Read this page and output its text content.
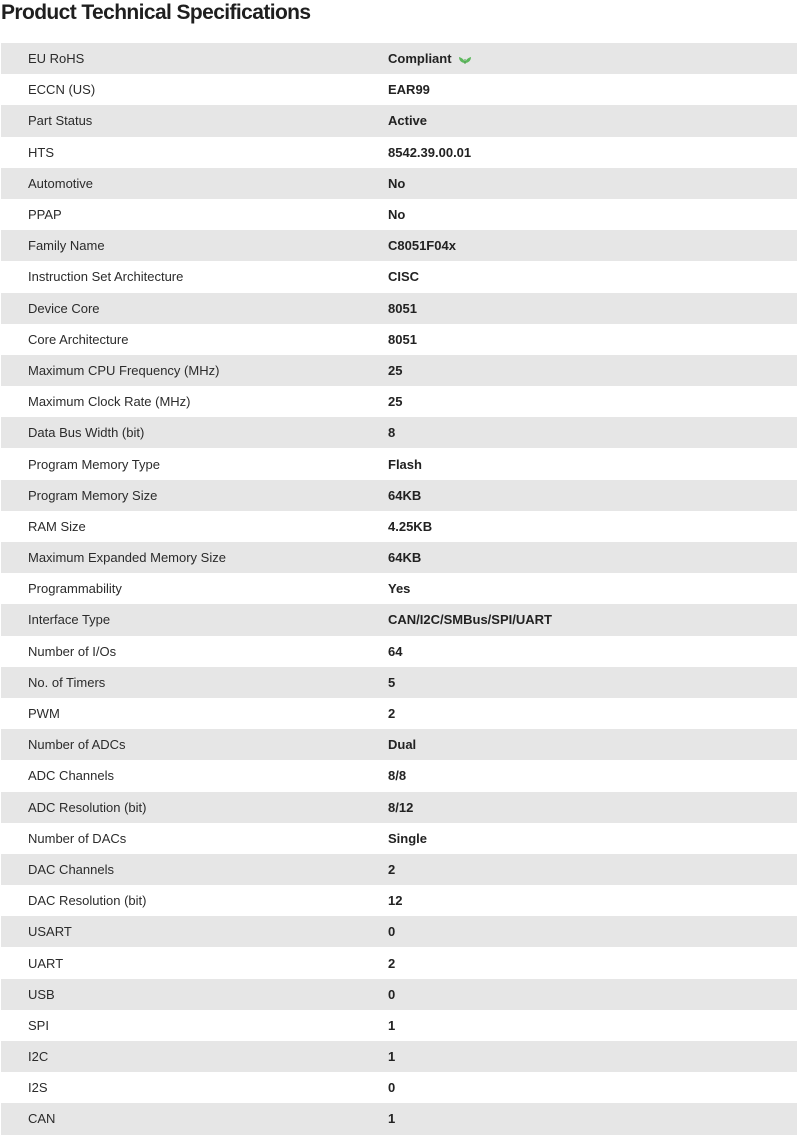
Product Technical Specifications
EU RoHS	Compliant
ECCN (US)	EAR99
Part Status	Active
HTS	8542.39.00.01
Automotive	No
PPAP	No
Family Name	C8051F04x
Instruction Set Architecture	CISC
Device Core	8051
Core Architecture	8051
Maximum CPU Frequency (MHz)	25
Maximum Clock Rate (MHz)	25
Data Bus Width (bit)	8
Program Memory Type	Flash
Program Memory Size	64KB
RAM Size	4.25KB
Maximum Expanded Memory Size	64KB
Programmability	Yes
Interface Type	CAN/I2C/SMBus/SPI/UART
Number of I/Os	64
No. of Timers	5
PWM	2
Number of ADCs	Dual
ADC Channels	8/8
ADC Resolution (bit)	8/12
Number of DACs	Single
DAC Channels	2
DAC Resolution (bit)	12
USART	0
UART	2
USB	0
SPI	1
I2C	1
I2S	0
CAN	1
